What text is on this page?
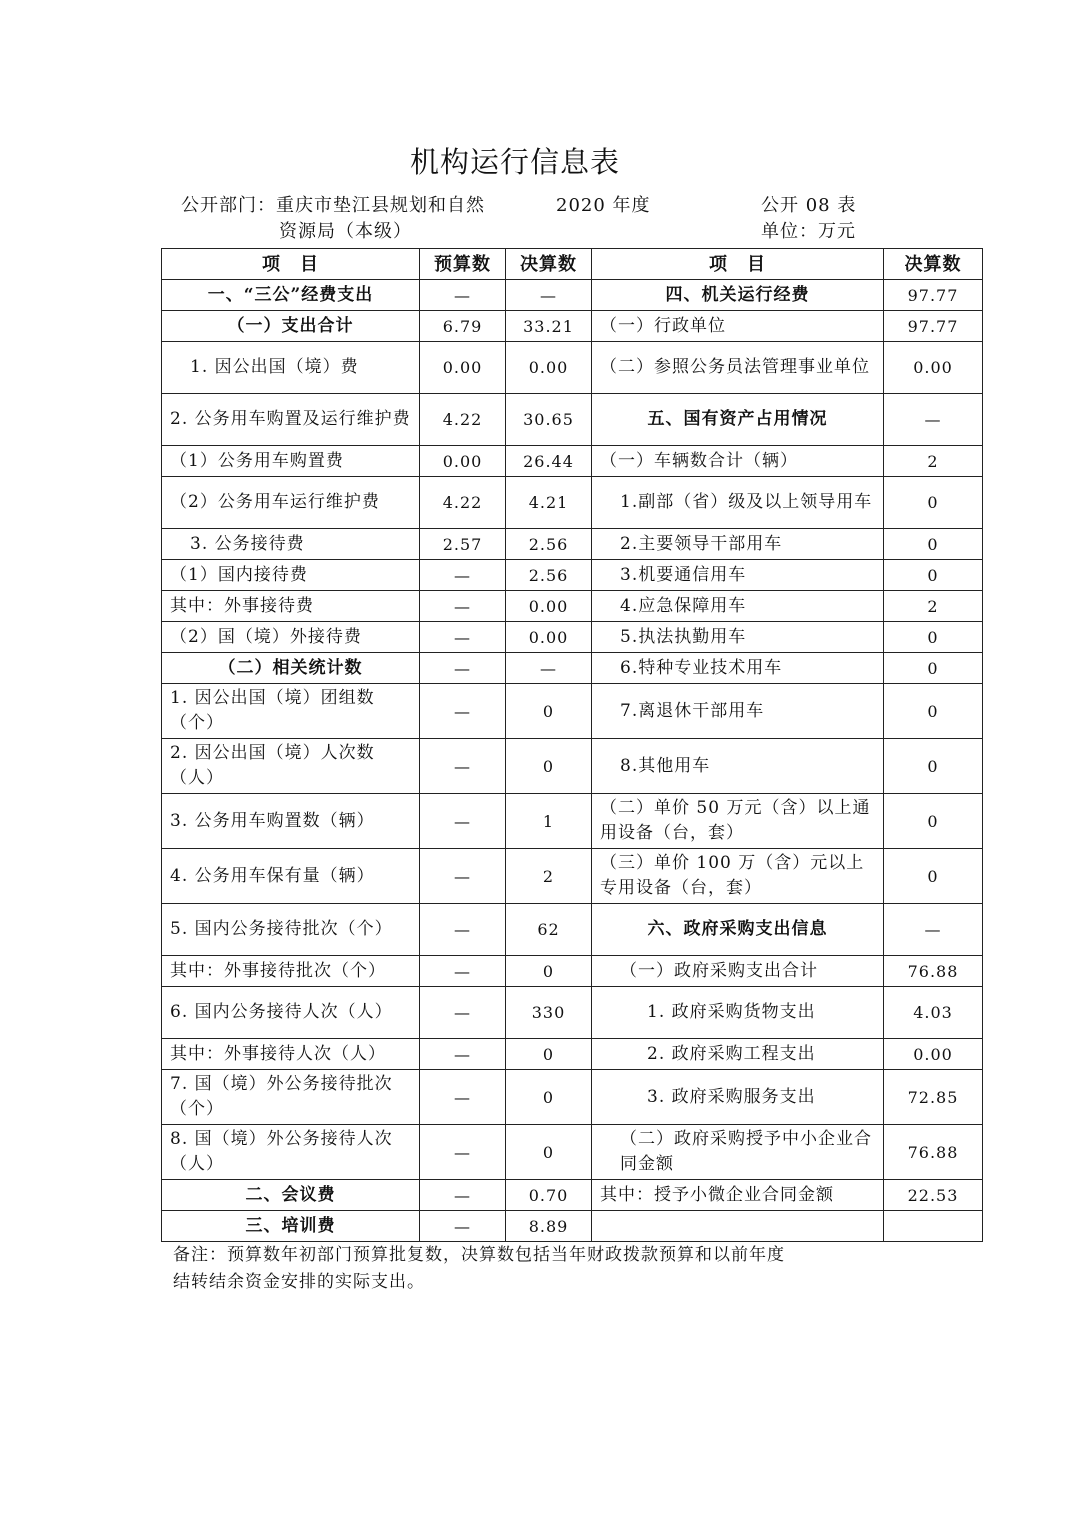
机构运行信息表
公开部门：重庆市垫江县规划和自然
资源局（本级）
2020 年度	公开 08 表
单位：万元
项　目	预算数	决算数	项　目	决算数
一、“三公”经费支出	—	—	四、机关运行经费	97.77
（一）支出合计	6.79	33.21	（一）行政单位	97.77
1. 因公出国（境）费	0.00	0.00	（二）参照公务员法管理事业单位	0.00
2. 公务用车购置及运行维护费	4.22	30.65	五、国有资产占用情况	—
（1）公务用车购置费	0.00	26.44	（一）车辆数合计（辆）	2
（2）公务用车运行维护费	4.22	4.21	1.副部（省）级及以上领导用车	0
3. 公务接待费	2.57	2.56	2.主要领导干部用车	0
（1）国内接待费	—	2.56	3.机要通信用车	0
其中：外事接待费	—	0.00	4.应急保障用车	2
（2）国（境）外接待费	—	0.00	5.执法执勤用车	0
（二）相关统计数	—	—	6.特种专业技术用车	0
1. 因公出国（境）团组数（个）	—	0	7.离退休干部用车	0
2. 因公出国（境）人次数（人）	—	0	8.其他用车	0
3. 公务用车购置数（辆）	—	1	（二）单价 50 万元（含）以上通用设备（台，套）	0
4. 公务用车保有量（辆）	—	2	（三）单价 100 万（含）元以上专用设备（台，套）	0
5. 国内公务接待批次（个）	—	62	六、政府采购支出信息	—
其中：外事接待批次（个）	—	0	（一）政府采购支出合计	76.88
6. 国内公务接待人次（人）	—	330	1. 政府采购货物支出	4.03
其中：外事接待人次（人）	—	0	2. 政府采购工程支出	0.00
7. 国（境）外公务接待批次（个）	—	0	3. 政府采购服务支出	72.85
8. 国（境）外公务接待人次（人）	—	0	（二）政府采购授予中小企业合同金额	76.88
二、会议费	—	0.70	其中：授予小微企业合同金额	22.53
三、培训费	—	8.89		
备注：预算数年初部门预算批复数，决算数包括当年财政拨款预算和以前年度
结转结余资金安排的实际支出。
